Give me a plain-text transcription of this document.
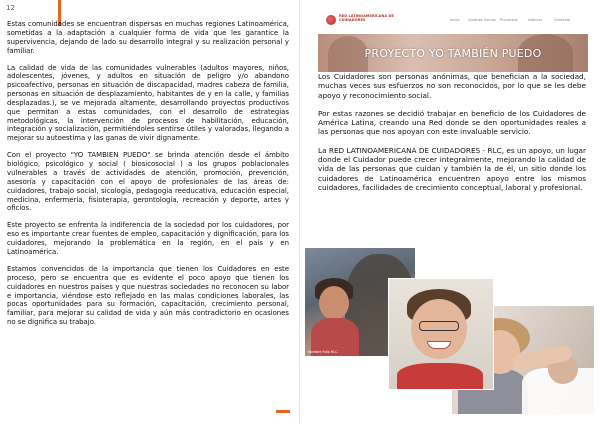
12

Estas comunidades se encuentran dispersas en muchas regiones Latinoamérica, sometidas a la adaptación a cualquier forma de vida que les garantice la supervivencia, dejando de lado su desarrollo integral y su realización personal y familiar.

La calidad de vida de las comunidades vulnerables (adultos mayores, niños, adolescentes, jóvenes, y adultos en situación de peligro y/o abandono psicoafectivo, personas en situación de discapacidad, madres cabeza de familia, personas en situación de desplazamiento, habitantes de y en la calle, y familias desplazadas.), se ve mejorada altamente, desarrollando proyectos productivos que permitan a estas comunidades, con el desarrollo de estrategias metodológicas, la intervención de procesos de habilitación, educación, integración y socialización, permitiéndoles sentirse útiles y valoradas, llegando a mejorar su autoestima y las ganas de vivir dignamente.

Con el proyecto "YO TAMBIEN PUEDO" se brinda atención desde el ámbito biológico, psicológico y social ( biosicosocial ) a los grupos poblacionales vulnerables a través de actividades de atención, promoción, prevención, asesoría y capacitación con el apoyo de profesionales de las áreas de: cuidadores, trabajo social, sicología, pedagogía reeducativa, educación especial, medicina, enfermería, fisioterapia, gerontología, recreación y deporte, artes y oficios.

Este proyecto se enfrenta la indiferencia de la sociedad por los cuidadores, por eso es importante crear fuentes de empleo, capacitación y dignificación, para los cuidadores, mejorando la problemática en la región, en el país y en Latinoamérica.

Estamos convencidos de la importancia que tienen los Cuidadores en este proceso, pero se encuentra que es evidente el poco apoyo que tienen los cuidadores en nuestros países y que nuestras sociedades no reconocen su labor e importancia, viéndose esto reflejado en las malas condiciones laborales, las pocas oportunidades para su formación, capacitación, crecimiento personal, familiar, para mejorar su calidad de vida y aún más contradictorio en ocasiones no se dignifica su trabajo.

RED LATINOAMERICANA DE CUIDADORES	Inicio Quiénes Somos Proyectos	Noticias	Contacto
PROYECTO YO TAMBIÉN PUEDO

Los Cuidadores son personas anónimas, que benefician a la sociedad, muchas veces sus esfuerzos no son reconocidos, por lo que se les debe apoyo y reconocimiento social.

Por estas razones se decidió trabajar en beneficio de los Cuidadores de América Latina, creando una Red donde se den oportunidades reales a las personas que nos apoyan con este invaluable servicio.

La RED LATINOAMERICANA DE CUIDADORES - RLC, es un apoyo, un lugar donde el Cuidador puede crecer integralmente, mejorando la calidad de vida de las personas que cuidan y también la de él, un sitio donde los cuidadores de Latinoamérica encuentren apoyo entre los mismos cuidadores, facilidades de crecimiento conceptual, laboral y profesional.

Nombre Foto RLC
